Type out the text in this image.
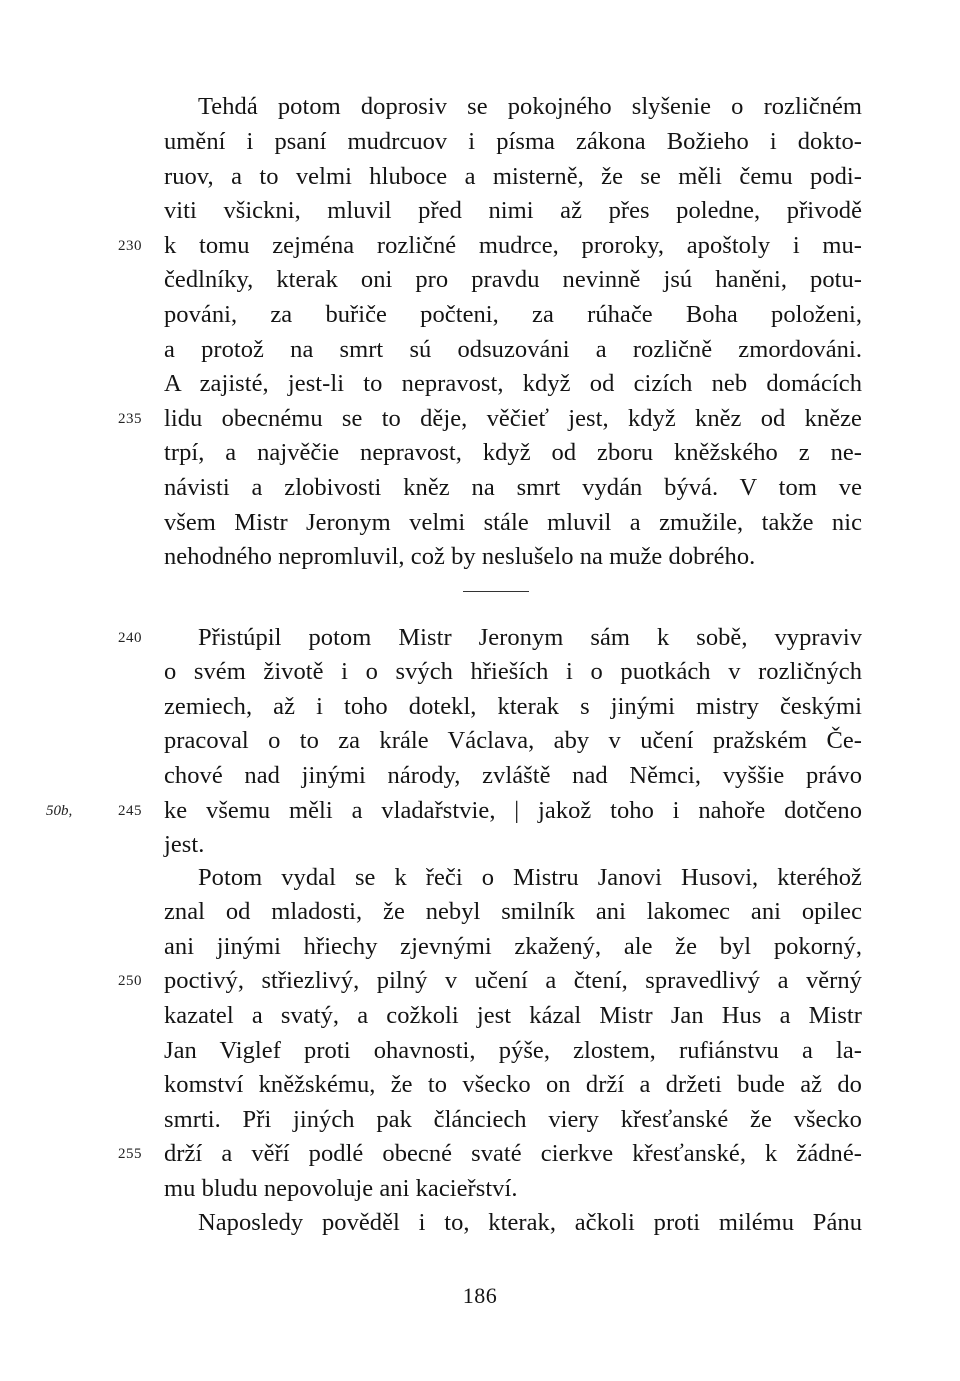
Tehdá potom doprosiv se pokojného slyšenie o rozličném
umění i psaní mudrcuov i písma zákona Božieho i dokto-
ruov, a to velmi hluboce a misterně, že se měli čemu podi-
viti všickni, mluvil před nimi až přes poledne, přivodě
k tomu zejména rozličné mudrce, proroky, apoštoly i mu-
čedlníky, kterak oni pro pravdu nevinně jsú haněni, potu-
pováni, za buřiče počteni, za rúhače Boha položeni,
a protož na smrt sú odsuzováni a rozličně zmordováni.
A zajisté, jest-li to nepravost, když od cizích neb domácích
lidu obecnému se to děje, věčieť jest, když kněz od kněze
trpí, a najvěčie nepravost, když od zboru kněžského z ne-
návisti a zlobivosti kněz na smrt vydán bývá. V tom ve
všem Mistr Jeronym velmi stále mluvil a zmužile, takže nic
nehodného nepromluvil, což by neslušelo na muže dobrého.
Přistúpil potom Mistr Jeronym sám k sobě, vypraviv
o svém životě i o svých hřieších i o puotkách v rozličných
zemiech, až i toho dotekl, kterak s jinými mistry českými
pracoval o to za krále Václava, aby v učení pražském Če-
chové nad jinými národy, zvláště nad Němci, vyššie právo
ke všemu měli a vladařstvie, | jakož toho i nahoře dotčeno
jest.
Potom vydal se k řeči o Mistru Janovi Husovi, kteréhož
znal od mladosti, že nebyl smilník ani lakomec ani opilec
ani jinými hřiechy zjevnými zkažený, ale že byl pokorný,
poctivý, střiezlivý, pilný v učení a čtení, spravedlivý a věrný
kazatel a svatý, a cožkoli jest kázal Mistr Jan Hus a Mistr
Jan Viglef proti ohavnosti, pýše, zlostem, rufiánstvu a la-
komství kněžskému, že to všecko on drží a držeti bude až do
smrti. Při jiných pak článciech viery křesťanské že všecko
drží a věří podlé obecné svaté cierkve křesťanské, k žádné-
mu bludu nepovoluje ani kacieřství.
Naposledy pověděl i to, kterak, ačkoli proti milému Pánu
230
235
240
245
250
255
50b,
186
